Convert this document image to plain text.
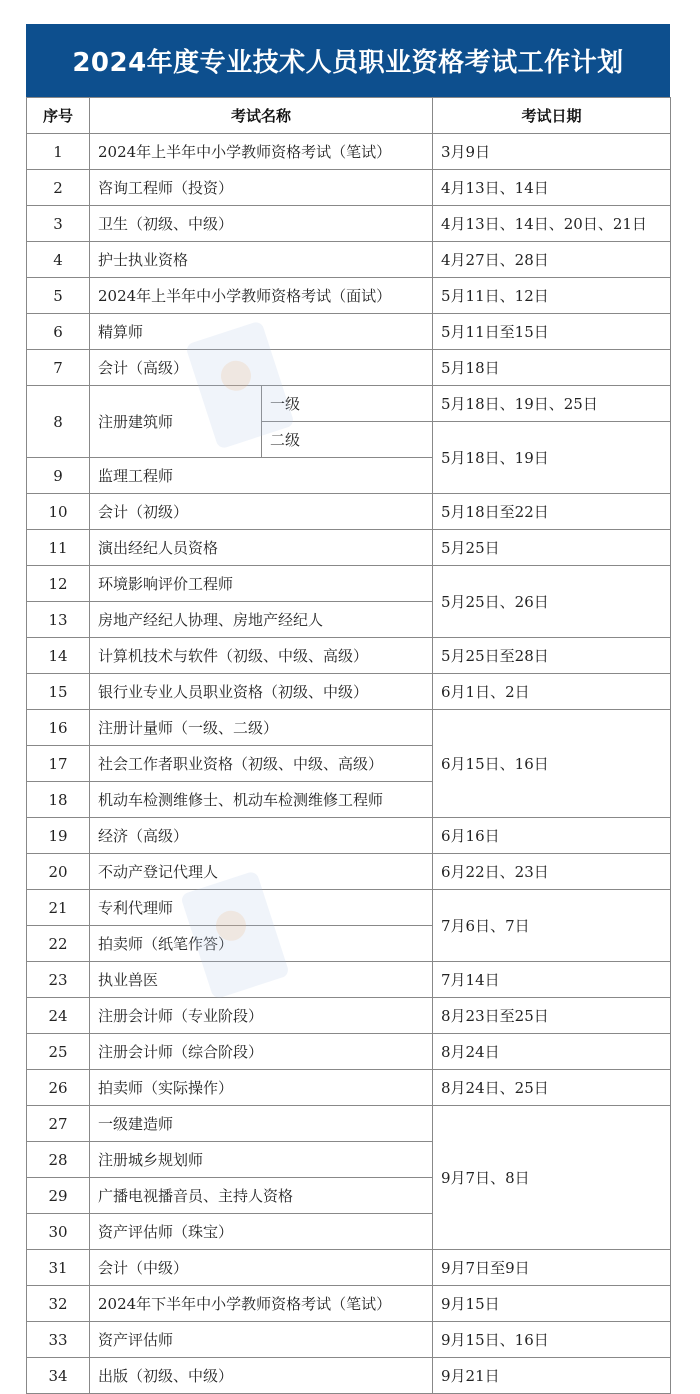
2024年度专业技术人员职业资格考试工作计划
序号	考试名称		考试日期
1	2024年上半年中小学教师资格考试（笔试）		3月9日
2	咨询工程师（投资）		4月13日、14日
3	卫生（初级、中级）		4月13日、14日、20日、21日
4	护士执业资格		4月27日、28日
5	2024年上半年中小学教师资格考试（面试）		5月11日、12日
6	精算师		5月11日至15日
7	会计（高级）		5月18日
8	注册建筑师	一级	5月18日、19日、25日
		二级	5月18日、19日
9	监理工程师		
10	会计（初级）		5月18日至22日
11	演出经纪人员资格		5月25日
12	环境影响评价工程师		5月25日、26日
13	房地产经纪人协理、房地产经纪人		
14	计算机技术与软件（初级、中级、高级）		5月25日至28日
15	银行业专业人员职业资格（初级、中级）		6月1日、2日
16	注册计量师（一级、二级）		6月15日、16日
17	社会工作者职业资格（初级、中级、高级）		
18	机动车检测维修士、机动车检测维修工程师		
19	经济（高级）		6月16日
20	不动产登记代理人		6月22日、23日
21	专利代理师		7月6日、7日
22	拍卖师（纸笔作答）		
23	执业兽医		7月14日
24	注册会计师（专业阶段）		8月23日至25日
25	注册会计师（综合阶段）		8月24日
26	拍卖师（实际操作）		8月24日、25日
27	一级建造师		9月7日、8日
28	注册城乡规划师		
29	广播电视播音员、主持人资格		
30	资产评估师（珠宝）		
31	会计（中级）		9月7日至9日
32	2024年下半年中小学教师资格考试（笔试）		9月15日
33	资产评估师		9月15日、16日
34	出版（初级、中级）		9月21日
